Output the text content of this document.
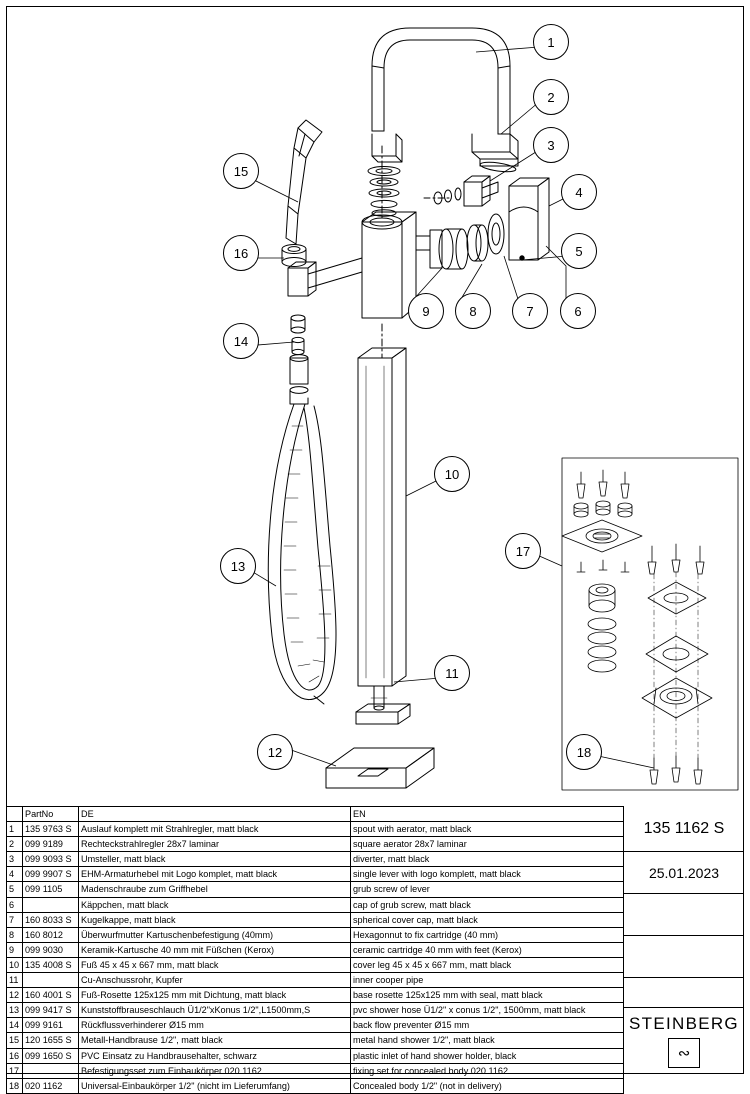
1
2
3
4
5
6
7
8
9
10
11
12
13
14
15
16
17
18
	PartNo	DE	EN
1	135 9763 S	Auslauf komplett mit Strahlregler, matt black	spout with aerator, matt black
2	099 9189	Rechteckstrahlregler 28x7 laminar	square aerator 28x7 laminar
3	099 9093 S	Umsteller, matt black	diverter, matt black
4	099 9907 S	EHM-Armaturhebel mit Logo komplet, matt black	single lever with logo komplett, matt black
5	099 1105	Madenschraube zum Griffhebel	grub screw of lever
6		Käppchen, matt black	cap of grub screw, matt black
7	160 8033 S	Kugelkappe, matt black	spherical cover cap, matt black
8	160 8012	Überwurfmutter Kartuschenbefestigung (40mm)	Hexagonnut to fix cartridge (40 mm)
9	099 9030	Keramik-Kartusche 40 mm mit Füßchen (Kerox)	ceramic cartridge 40 mm with feet (Kerox)
10	135 4008 S	Fuß 45 x 45 x 667 mm, matt black	cover leg 45 x 45 x 667 mm, matt black
11		Cu-Anschussrohr, Kupfer	inner cooper pipe
12	160 4001 S	Fuß-Rosette 125x125 mm mit Dichtung, matt black	base rosette 125x125 mm with seal, matt black
13	099 9417 S	Kunststoffbrauseschlauch Ü1/2"xKonus 1/2",L1500mm,S	pvc shower hose Ü1/2" x conus 1/2", 1500mm, matt black
14	099 9161	Rückflussverhinderer Ø15 mm	back flow preventer Ø15 mm
15	120 1655 S	Metall-Handbrause 1/2", matt black	metal hand shower 1/2", matt black
16	099 1650 S	PVC Einsatz zu Handbrausehalter, schwarz	plastic inlet of hand shower holder, black
17		Befestigungsset zum Einbaukörper 020 1162	fixing set for concealed body 020 1162
18	020 1162	Universal-Einbaukörper 1/2" (nicht im Lieferumfang)	Concealed body 1/2" (not in delivery)
135 1162 S
25.01.2023
STEINBERG
∾
